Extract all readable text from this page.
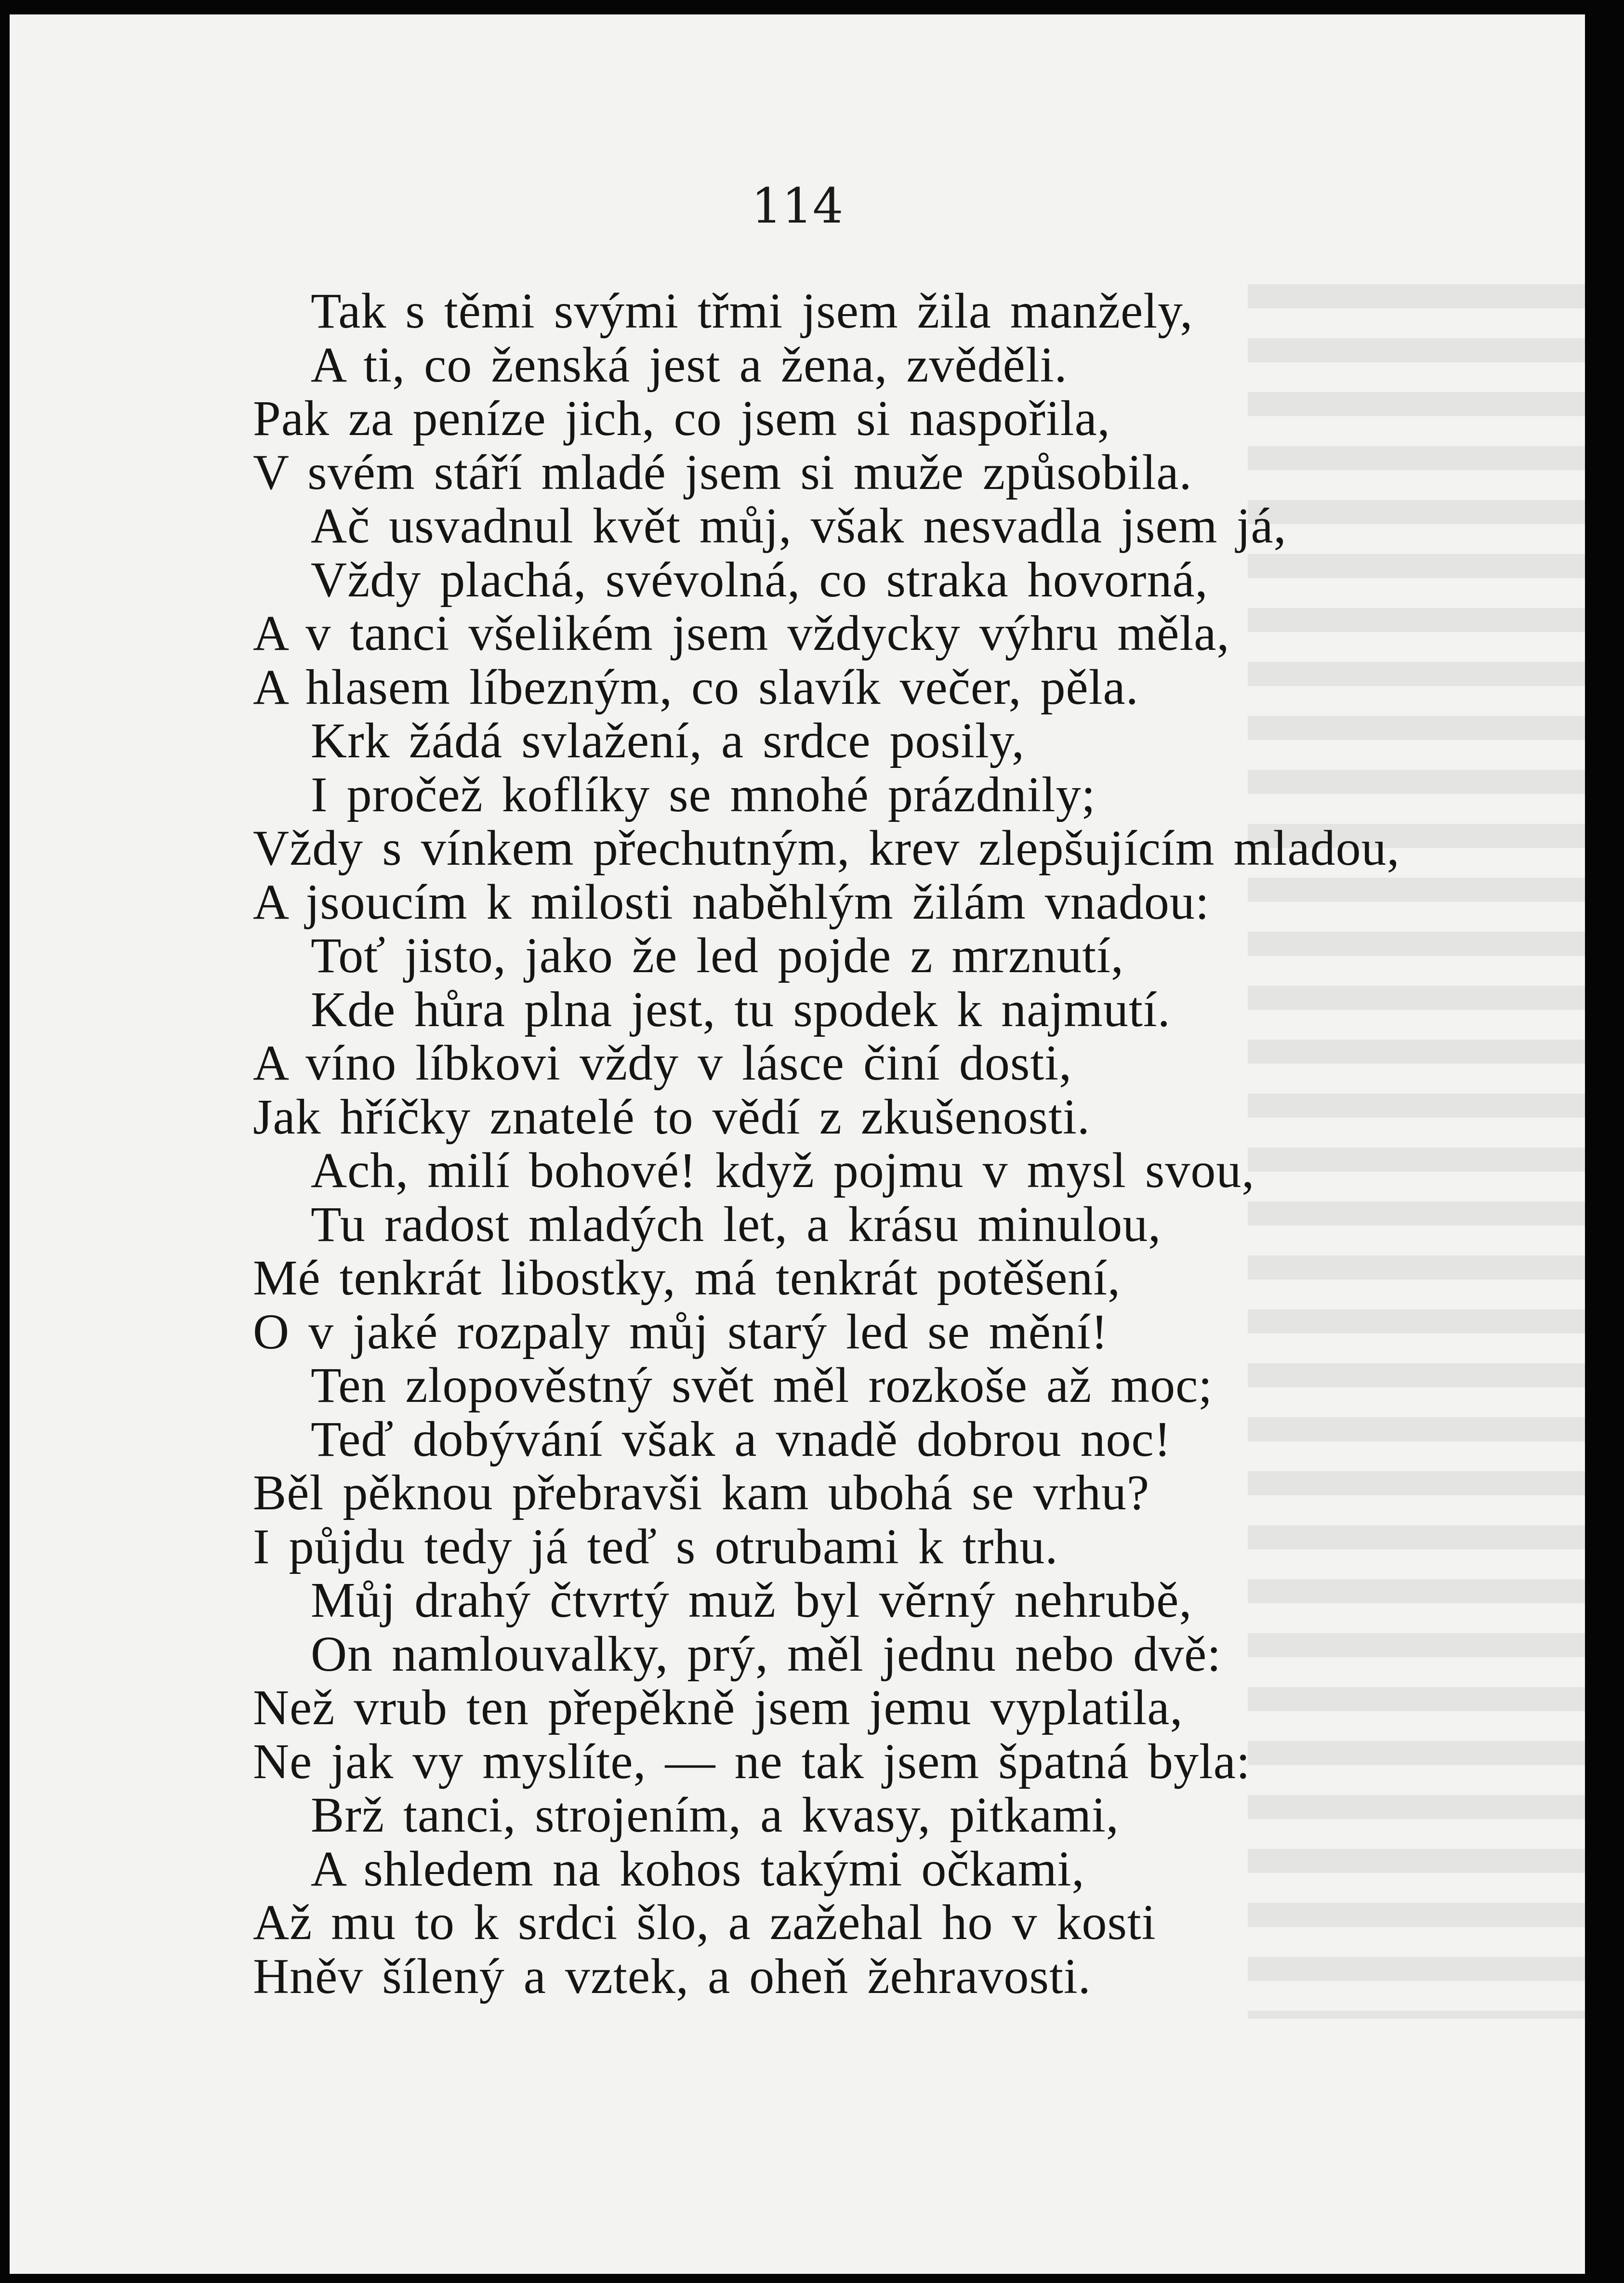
114
Tak s těmi svými třmi jsem žila manžely,
A ti, co ženská jest a žena, zvěděli.
Pak za peníze jich, co jsem si naspořila,
V svém stáří mladé jsem si muže způsobila.
Ač usvadnul květ můj, však nesvadla jsem já,
Vždy plachá, svévolná, co straka hovorná,
A v tanci všelikém jsem vždycky výhru měla,
A hlasem líbezným, co slavík večer, pěla.
Krk žádá svlažení, a srdce posily,
I pročež koflíky se mnohé prázdnily;
Vždy s vínkem přechutným, krev zlepšujícím mladou,
A jsoucím k milosti naběhlým žilám vnadou:
Toť jisto, jako že led pojde z mrznutí,
Kde hůra plna jest, tu spodek k najmutí.
A víno líbkovi vždy v lásce činí dosti,
Jak hříčky znatelé to vědí z zkušenosti.
Ach, milí bohové! když pojmu v mysl svou,
Tu radost mladých let, a krásu minulou,
Mé tenkrát libostky, má tenkrát potěšení,
O v jaké rozpaly můj starý led se mění!
Ten zlopověstný svět měl rozkoše až moc;
Teď dobývání však a vnadě dobrou noc!
Běl pěknou přebravši kam ubohá se vrhu?
I půjdu tedy já teď s otrubami k trhu.
Můj drahý čtvrtý muž byl věrný nehrubě,
On namlouvalky, prý, měl jednu nebo dvě:
Než vrub ten přepěkně jsem jemu vyplatila,
Ne jak vy myslíte, — ne tak jsem špatná byla:
Brž tanci, strojením, a kvasy, pitkami,
A shledem na kohos takými očkami,
Až mu to k srdci šlo, a zažehal ho v kosti
Hněv šílený a vztek, a oheň žehravosti.
